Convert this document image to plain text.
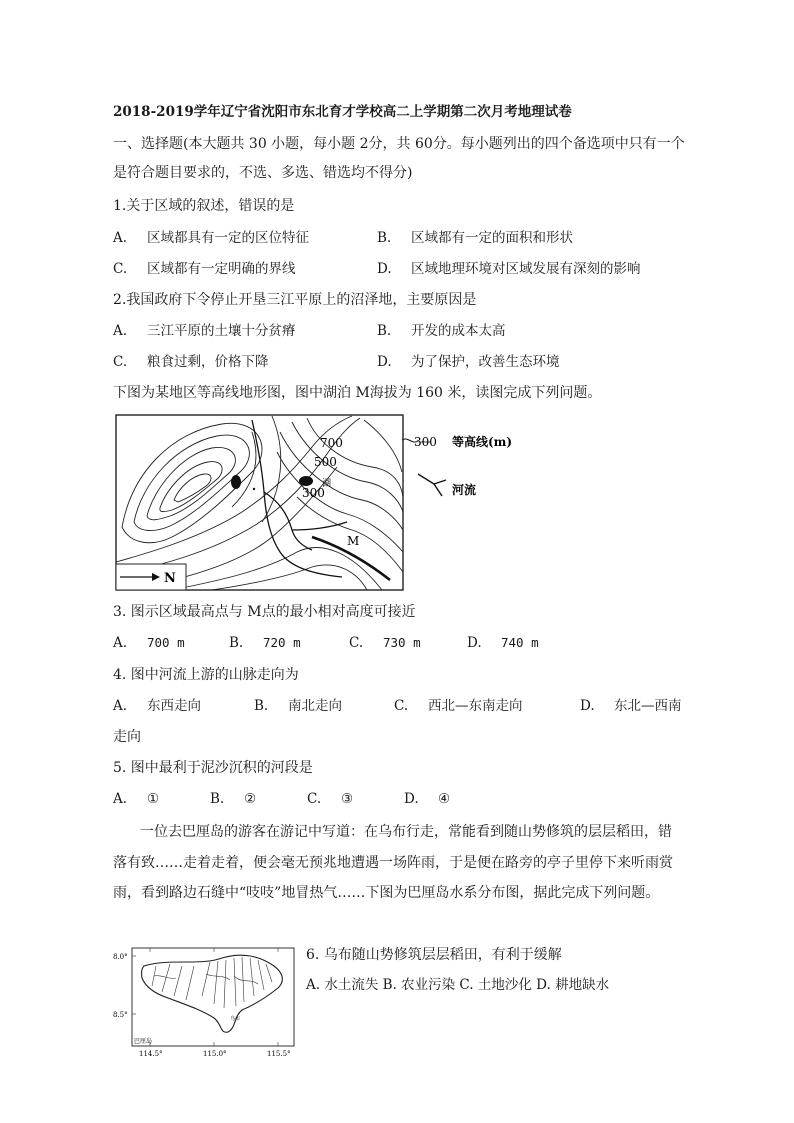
2018-2019学年辽宁省沈阳市东北育才学校高二上学期第二次月考地理试卷
一、选择题(本大题共 30 小题，每小题 2分，共 60分。每小题列出的四个备选项中只有一个
是符合题目要求的，不选、多选、错选均不得分)
1.关于区域的叙述，错误的是
A. 区域都具有一定的区位特征	B. 区域都有一定的面积和形状
C. 区域都有一定明确的界线	D. 区域地理环境对区域发展有深刻的影响
2.我国政府下令停止开垦三江平原上的沼泽地，主要原因是
A. 三江平原的土壤十分贫瘠	B. 开发的成本太高
C. 粮食过剩，价格下降	D. 为了保护，改善生态环境
下图为某地区等高线地形图，图中湖泊 M海拔为 160 米，读图完成下列问题。
700
500
300
湖
M
N
300 等高线(m)
河流
3. 图示区域最高点与 M点的最小相对高度可接近
A. 700 m	B. 720 m	C. 730 m	D. 740 m
4. 图中河流上游的山脉走向为
A. 东西走向	B. 南北走向	C. 西北—东南走向	D. 东北—西南
走向
5. 图中最利于泥沙沉积的河段是
A. ①	B. ②	C. ③	D. ④
一位去巴厘岛的游客在游记中写道：在乌布行走，常能看到随山势修筑的层层稻田，错
落有致……走着走着，便会毫无预兆地遭遇一场阵雨，于是便在路旁的亭子里停下来听雨赏
雨，看到路边石缝中“吱吱”地冒热气……下图为巴厘岛水系分布图，据此完成下列问题。
8.0°
8.5°
114.5°	115.0°	115.5°
巴厘岛
乌布
6. 乌布随山势修筑层层稻田，有利于缓解
A. 水土流失 B. 农业污染 C. 土地沙化 D. 耕地缺水
